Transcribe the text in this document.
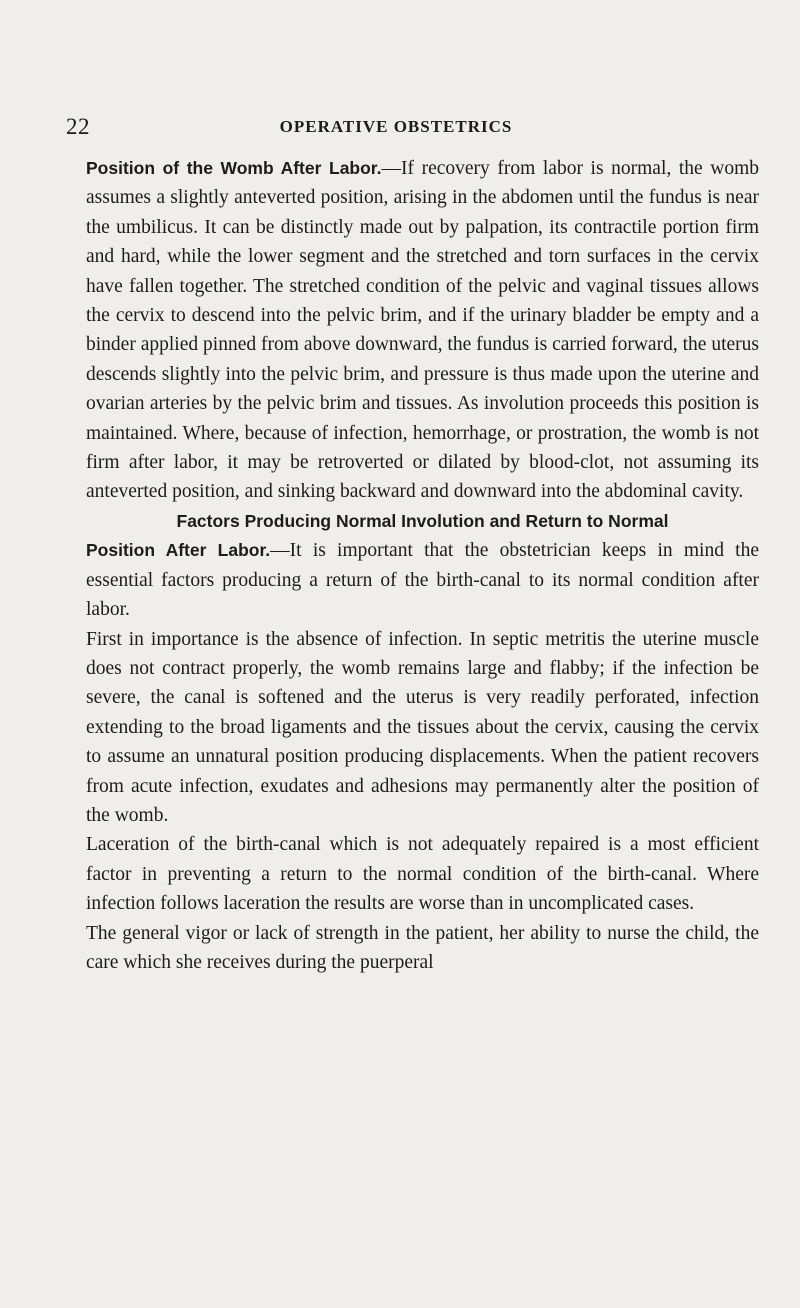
22	OPERATIVE OBSTETRICS

Position of the Womb After Labor.—If recovery from labor is normal, the womb assumes a slightly anteverted position, arising in the abdomen until the fundus is near the umbilicus. It can be distinctly made out by palpation, its contractile portion firm and hard, while the lower segment and the stretched and torn surfaces in the cervix have fallen together. The stretched condition of the pelvic and vaginal tissues allows the cervix to descend into the pelvic brim, and if the urinary bladder be empty and a binder applied pinned from above downward, the fundus is carried forward, the uterus descends slightly into the pelvic brim, and pressure is thus made upon the uterine and ovarian arteries by the pelvic brim and tissues. As involution proceeds this position is maintained. Where, because of infection, hemorrhage, or prostration, the womb is not firm after labor, it may be retroverted or dilated by blood-clot, not assuming its anteverted position, and sinking backward and downward into the abdominal cavity.

Factors Producing Normal Involution and Return to Normal

Position After Labor.—It is important that the obstetrician keeps in mind the essential factors producing a return of the birth-canal to its normal condition after labor.

First in importance is the absence of infection. In septic metritis the uterine muscle does not contract properly, the womb remains large and flabby; if the infection be severe, the canal is softened and the uterus is very readily perforated, infection extending to the broad ligaments and the tissues about the cervix, causing the cervix to assume an unnatural position producing displacements. When the patient recovers from acute infection, exudates and adhesions may permanently alter the position of the womb.

Laceration of the birth-canal which is not adequately repaired is a most efficient factor in preventing a return to the normal condition of the birth-canal. Where infection follows laceration the results are worse than in uncomplicated cases.

The general vigor or lack of strength in the patient, her ability to nurse the child, the care which she receives during the puerperal
